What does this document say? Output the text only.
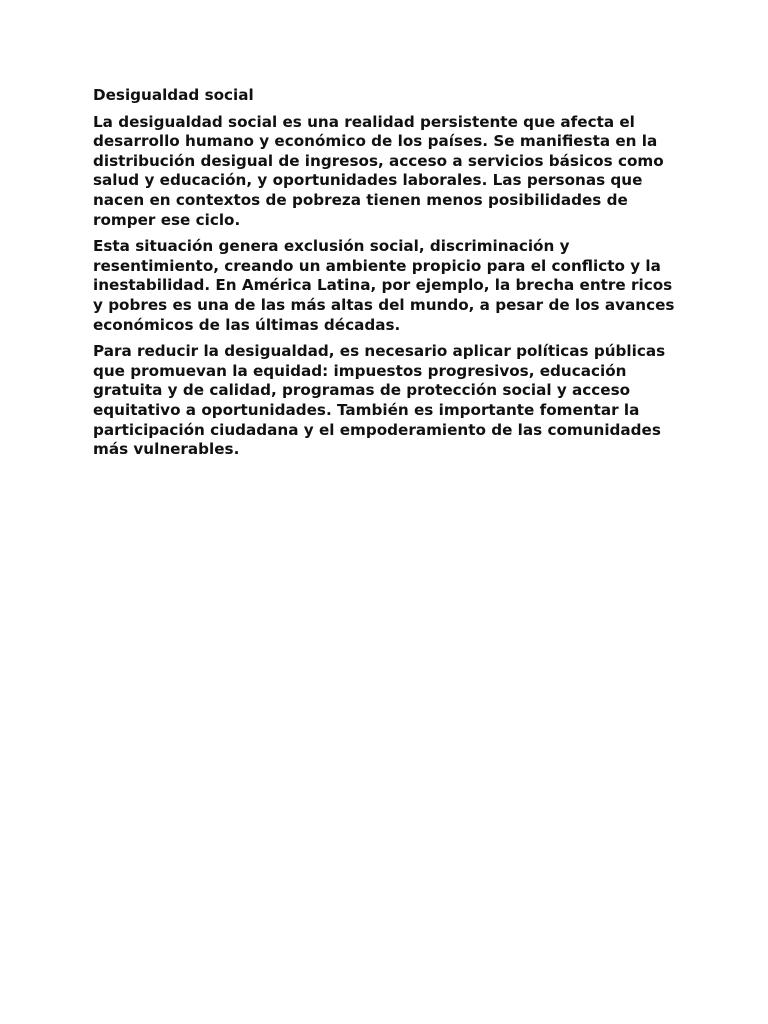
Desigualdad social

La desigualdad social es una realidad persistente que afecta el desarrollo humano y económico de los países. Se manifiesta en la distribución desigual de ingresos, acceso a servicios básicos como salud y educación, y oportunidades laborales. Las personas que nacen en contextos de pobreza tienen menos posibilidades de romper ese ciclo.

Esta situación genera exclusión social, discriminación y resentimiento, creando un ambiente propicio para el conflicto y la inestabilidad. En América Latina, por ejemplo, la brecha entre ricos y pobres es una de las más altas del mundo, a pesar de los avances económicos de las últimas décadas.

Para reducir la desigualdad, es necesario aplicar políticas públicas que promuevan la equidad: impuestos progresivos, educación gratuita y de calidad, programas de protección social y acceso equitativo a oportunidades. También es importante fomentar la participación ciudadana y el empoderamiento de las comunidades más vulnerables.
